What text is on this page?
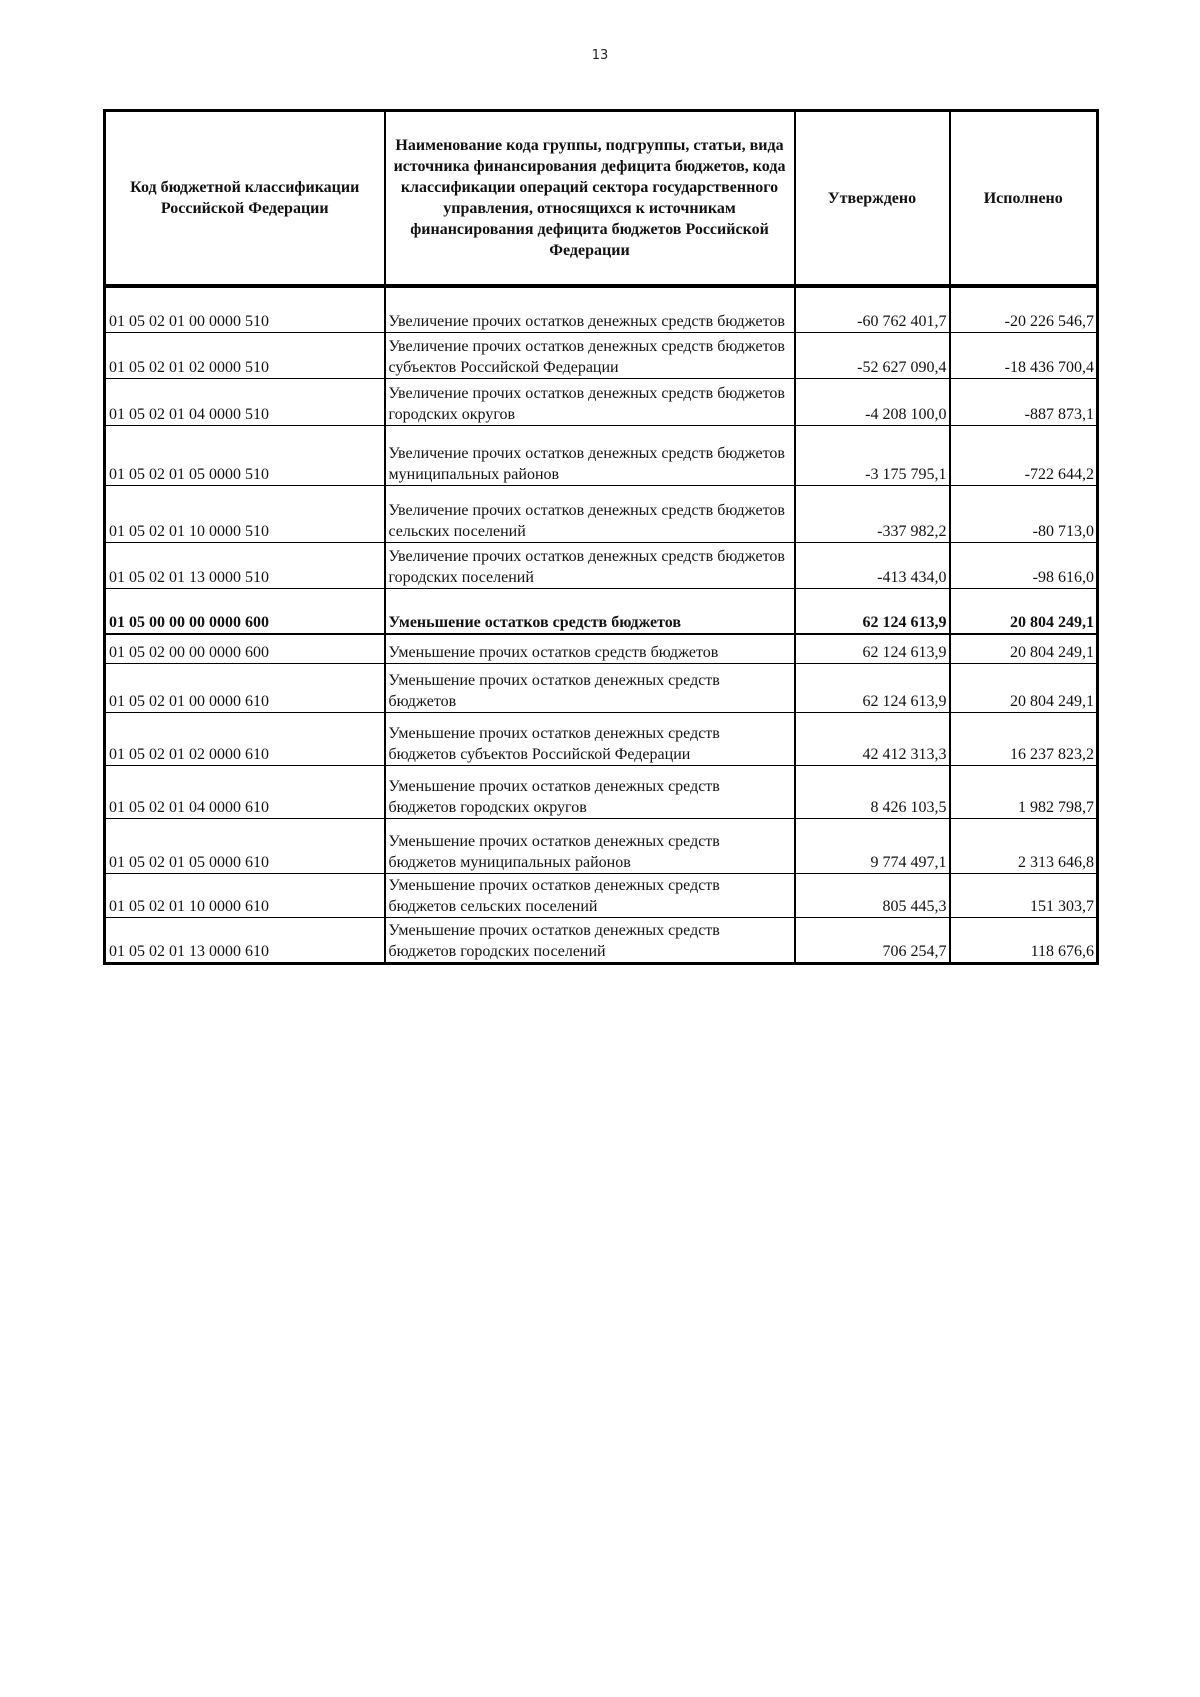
13
Код бюджетной классификации Российской Федерации	Наименование кода группы, подгруппы, статьи, вида источника финансирования дефицита бюджетов, кода классификации операций сектора государственного управления, относящихся к источникам финансирования дефицита бюджетов Российской Федерации	Утверждено	Исполнено
01 05 02 01 00 0000 510	Увеличение прочих остатков денежных средств бюджетов	-60 762 401,7	-20 226 546,7
01 05 02 01 02 0000 510	Увеличение прочих остатков денежных средств бюджетов субъектов Российской Федерации	-52 627 090,4	-18 436 700,4
01 05 02 01 04 0000 510	Увеличение прочих остатков денежных средств бюджетов городских округов	-4 208 100,0	-887 873,1
01 05 02 01 05 0000 510	Увеличение прочих остатков денежных средств бюджетов муниципальных районов	-3 175 795,1	-722 644,2
01 05 02 01 10 0000 510	Увеличение прочих остатков денежных средств бюджетов сельских поселений	-337 982,2	-80 713,0
01 05 02 01 13 0000 510	Увеличение прочих остатков денежных средств бюджетов городских поселений	-413 434,0	-98 616,0
01 05 00 00 00 0000 600	Уменьшение остатков средств бюджетов	62 124 613,9	20 804 249,1
01 05 02 00 00 0000 600	Уменьшение прочих остатков средств бюджетов	62 124 613,9	20 804 249,1
01 05 02 01 00 0000 610	Уменьшение прочих остатков денежных средств бюджетов	62 124 613,9	20 804 249,1
01 05 02 01 02 0000 610	Уменьшение прочих остатков денежных средств бюджетов субъектов Российской Федерации	42 412 313,3	16 237 823,2
01 05 02 01 04 0000 610	Уменьшение прочих остатков денежных средств бюджетов городских округов	8 426 103,5	1 982 798,7
01 05 02 01 05 0000 610	Уменьшение прочих остатков денежных средств бюджетов муниципальных районов	9 774 497,1	2 313 646,8
01 05 02 01 10 0000 610	Уменьшение прочих остатков денежных средств бюджетов сельских поселений	805 445,3	151 303,7
01 05 02 01 13 0000 610	Уменьшение прочих остатков денежных средств бюджетов городских поселений	706 254,7	118 676,6
